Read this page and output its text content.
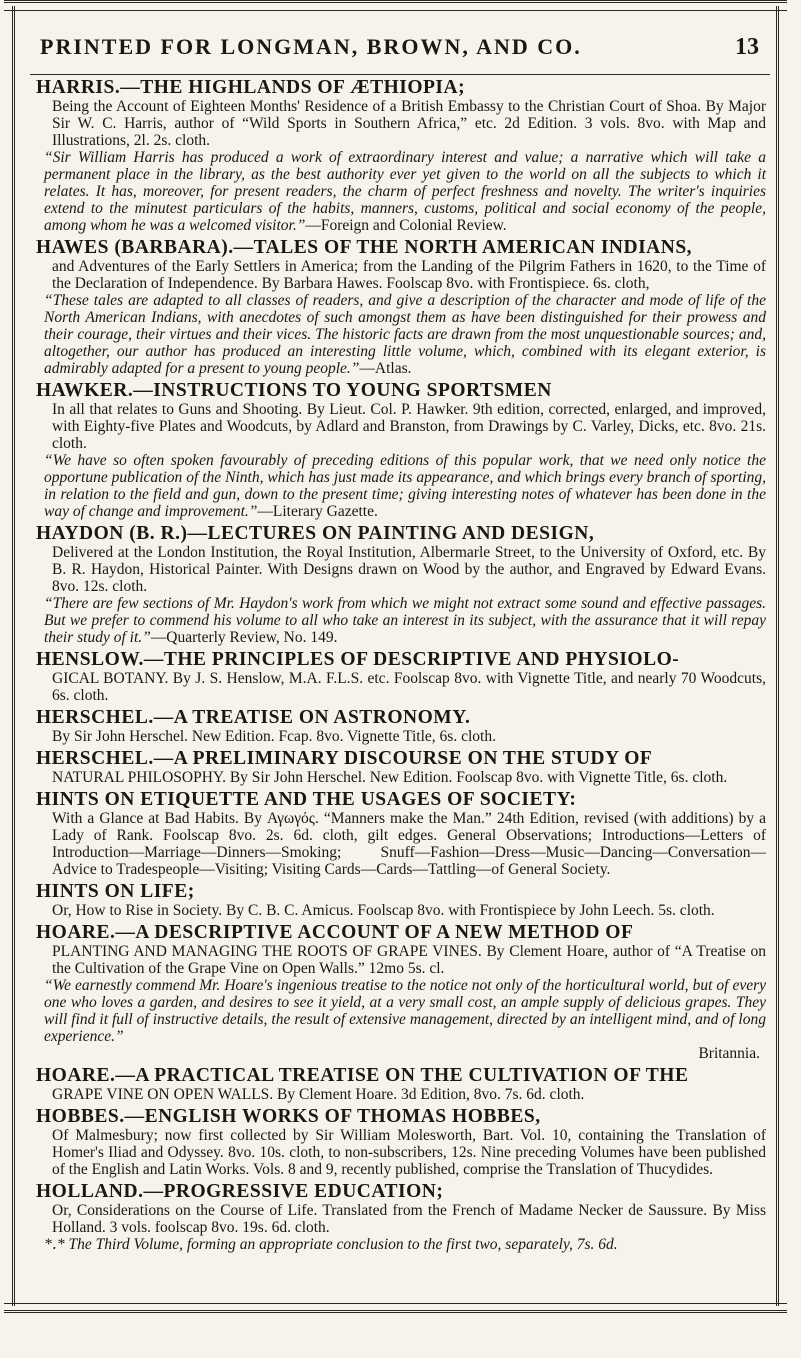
PRINTED FOR LONGMAN, BROWN, AND CO.	13
HARRIS.—THE HIGHLANDS OF ÆTHIOPIA;
Being the Account of Eighteen Months' Residence of a British Embassy to the Christian Court of Shoa. By Major Sir W. C. Harris, author of “Wild Sports in Southern Africa,” etc. 2d Edition. 3 vols. 8vo. with Map and Illustrations, 2l. 2s. cloth.
“Sir William Harris has produced a work of extraordinary interest and value; a narrative which will take a permanent place in the library, as the best authority ever yet given to the world on all the subjects to which it relates. It has, moreover, for present readers, the charm of perfect freshness and novelty. The writer's inquiries extend to the minutest particulars of the habits, manners, customs, political and social economy of the people, among whom he was a welcomed visitor.”—Foreign and Colonial Review.
HAWES (BARBARA).—TALES OF THE NORTH AMERICAN INDIANS,
and Adventures of the Early Settlers in America; from the Landing of the Pilgrim Fathers in 1620, to the Time of the Declaration of Independence. By Barbara Hawes. Foolscap 8vo. with Frontispiece. 6s. cloth,
“These tales are adapted to all classes of readers, and give a description of the character and mode of life of the North American Indians, with anecdotes of such amongst them as have been distinguished for their prowess and their courage, their virtues and their vices. The historic facts are drawn from the most unquestionable sources; and, altogether, our author has produced an interesting little volume, which, combined with its elegant exterior, is admirably adapted for a present to young people.”—Atlas.
HAWKER.—INSTRUCTIONS TO YOUNG SPORTSMEN
In all that relates to Guns and Shooting. By Lieut. Col. P. Hawker. 9th edition, corrected, enlarged, and improved, with Eighty-five Plates and Woodcuts, by Adlard and Branston, from Drawings by C. Varley, Dicks, etc. 8vo. 21s. cloth.
“We have so often spoken favourably of preceding editions of this popular work, that we need only notice the opportune publication of the Ninth, which has just made its appearance, and which brings every branch of sporting, in relation to the field and gun, down to the present time; giving interesting notes of whatever has been done in the way of change and improvement.”—Literary Gazette.
HAYDON (B. R.)—LECTURES ON PAINTING AND DESIGN,
Delivered at the London Institution, the Royal Institution, Albermarle Street, to the University of Oxford, etc. By B. R. Haydon, Historical Painter. With Designs drawn on Wood by the author, and Engraved by Edward Evans. 8vo. 12s. cloth.
“There are few sections of Mr. Haydon's work from which we might not extract some sound and effective passages. But we prefer to commend his volume to all who take an interest in its subject, with the assurance that it will repay their study of it.”—Quarterly Review, No. 149.
HENSLOW.—THE PRINCIPLES OF DESCRIPTIVE AND PHYSIOLO-
GICAL BOTANY. By J. S. Henslow, M.A. F.L.S. etc. Foolscap 8vo. with Vignette Title, and nearly 70 Woodcuts, 6s. cloth.
HERSCHEL.—A TREATISE ON ASTRONOMY.
By Sir John Herschel. New Edition. Fcap. 8vo. Vignette Title, 6s. cloth.
HERSCHEL.—A PRELIMINARY DISCOURSE ON THE STUDY OF
NATURAL PHILOSOPHY. By Sir John Herschel. New Edition. Foolscap 8vo. with Vignette Title, 6s. cloth.
HINTS ON ETIQUETTE AND THE USAGES OF SOCIETY:
With a Glance at Bad Habits. By Αγωγός. “Manners make the Man.” 24th Edition, revised (with additions) by a Lady of Rank. Foolscap 8vo. 2s. 6d. cloth, gilt edges. General Observations; Introductions—Letters of Introduction—Marriage—Dinners—Smoking; Snuff—Fashion—Dress—Music—Dancing—Conversation—Advice to Tradespeople—Visiting; Visiting Cards—Cards—Tattling—of General Society.
HINTS ON LIFE;
Or, How to Rise in Society. By C. B. C. Amicus. Foolscap 8vo. with Frontispiece by John Leech. 5s. cloth.
HOARE.—A DESCRIPTIVE ACCOUNT OF A NEW METHOD OF
PLANTING AND MANAGING THE ROOTS OF GRAPE VINES. By Clement Hoare, author of “A Treatise on the Cultivation of the Grape Vine on Open Walls.” 12mo 5s. cl.
“We earnestly commend Mr. Hoare's ingenious treatise to the notice not only of the horticultural world, but of every one who loves a garden, and desires to see it yield, at a very small cost, an ample supply of delicious grapes. They will find it full of instructive details, the result of extensive management, directed by an intelligent mind, and of long experience.”
Britannia.
HOARE.—A PRACTICAL TREATISE ON THE CULTIVATION OF THE
GRAPE VINE ON OPEN WALLS. By Clement Hoare. 3d Edition, 8vo. 7s. 6d. cloth.
HOBBES.—ENGLISH WORKS OF THOMAS HOBBES,
Of Malmesbury; now first collected by Sir William Molesworth, Bart. Vol. 10, containing the Translation of Homer's Iliad and Odyssey. 8vo. 10s. cloth, to non-subscribers, 12s. Nine preceding Volumes have been published of the English and Latin Works. Vols. 8 and 9, recently published, comprise the Translation of Thucydides.
HOLLAND.—PROGRESSIVE EDUCATION;
Or, Considerations on the Course of Life. Translated from the French of Madame Necker de Saussure. By Miss Holland. 3 vols. foolscap 8vo. 19s. 6d. cloth.
*․* The Third Volume, forming an appropriate conclusion to the first two, separately, 7s. 6d.
